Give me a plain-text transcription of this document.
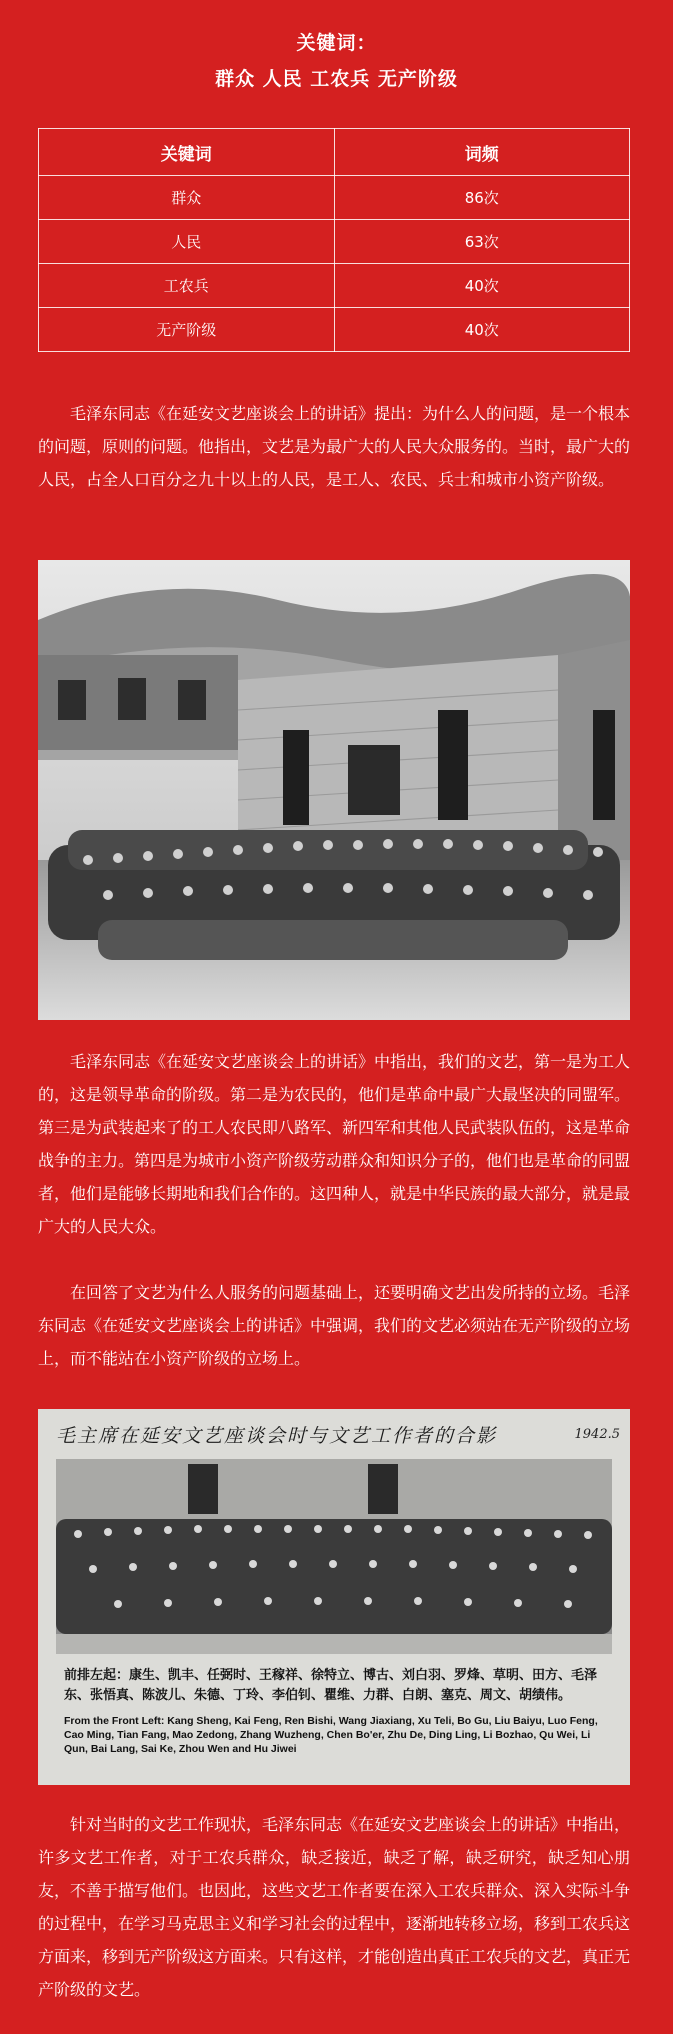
关键词：
群众 人民 工农兵 无产阶级
关键词	词频
群众	86次
人民	63次
工农兵	40次
无产阶级	40次
毛泽东同志《在延安文艺座谈会上的讲话》提出：为什么人的问题，是一个根本的问题，原则的问题。他指出，文艺是为最广大的人民大众服务的。当时，最广大的人民，占全人口百分之九十以上的人民，是工人、农民、兵士和城市小资产阶级。
毛泽东同志《在延安文艺座谈会上的讲话》中指出，我们的文艺，第一是为工人的，这是领导革命的阶级。第二是为农民的，他们是革命中最广大最坚决的同盟军。第三是为武装起来了的工人农民即八路军、新四军和其他人民武装队伍的，这是革命战争的主力。第四是为城市小资产阶级劳动群众和知识分子的，他们也是革命的同盟者，他们是能够长期地和我们合作的。这四种人，就是中华民族的最大部分，就是最广大的人民大众。
在回答了文艺为什么人服务的问题基础上，还要明确文艺出发所持的立场。毛泽东同志《在延安文艺座谈会上的讲话》中强调，我们的文艺必须站在无产阶级的立场上，而不能站在小资产阶级的立场上。
毛主席在延安文艺座谈会时与文艺工作者的合影	1942.5
前排左起：康生、凯丰、任弼时、王稼祥、徐特立、博古、刘白羽、罗烽、草明、田方、毛泽东、张悟真、陈波儿、朱德、丁玲、李伯钊、瞿维、力群、白朗、塞克、周文、胡绩伟。
From the Front Left: Kang Sheng, Kai Feng, Ren Bishi, Wang Jiaxiang, Xu Teli, Bo Gu, Liu Baiyu, Luo Feng, Cao Ming, Tian Fang, Mao Zedong, Zhang Wuzheng, Chen Bo'er, Zhu De, Ding Ling, Li Bozhao, Qu Wei, Li Qun, Bai Lang, Sai Ke, Zhou Wen and Hu Jiwei
针对当时的文艺工作现状，毛泽东同志《在延安文艺座谈会上的讲话》中指出，许多文艺工作者，对于工农兵群众，缺乏接近，缺乏了解，缺乏研究，缺乏知心朋友，不善于描写他们。也因此，这些文艺工作者要在深入工农兵群众、深入实际斗争的过程中，在学习马克思主义和学习社会的过程中，逐渐地转移立场，移到工农兵这方面来，移到无产阶级这方面来。只有这样，才能创造出真正工农兵的文艺，真正无产阶级的文艺。
